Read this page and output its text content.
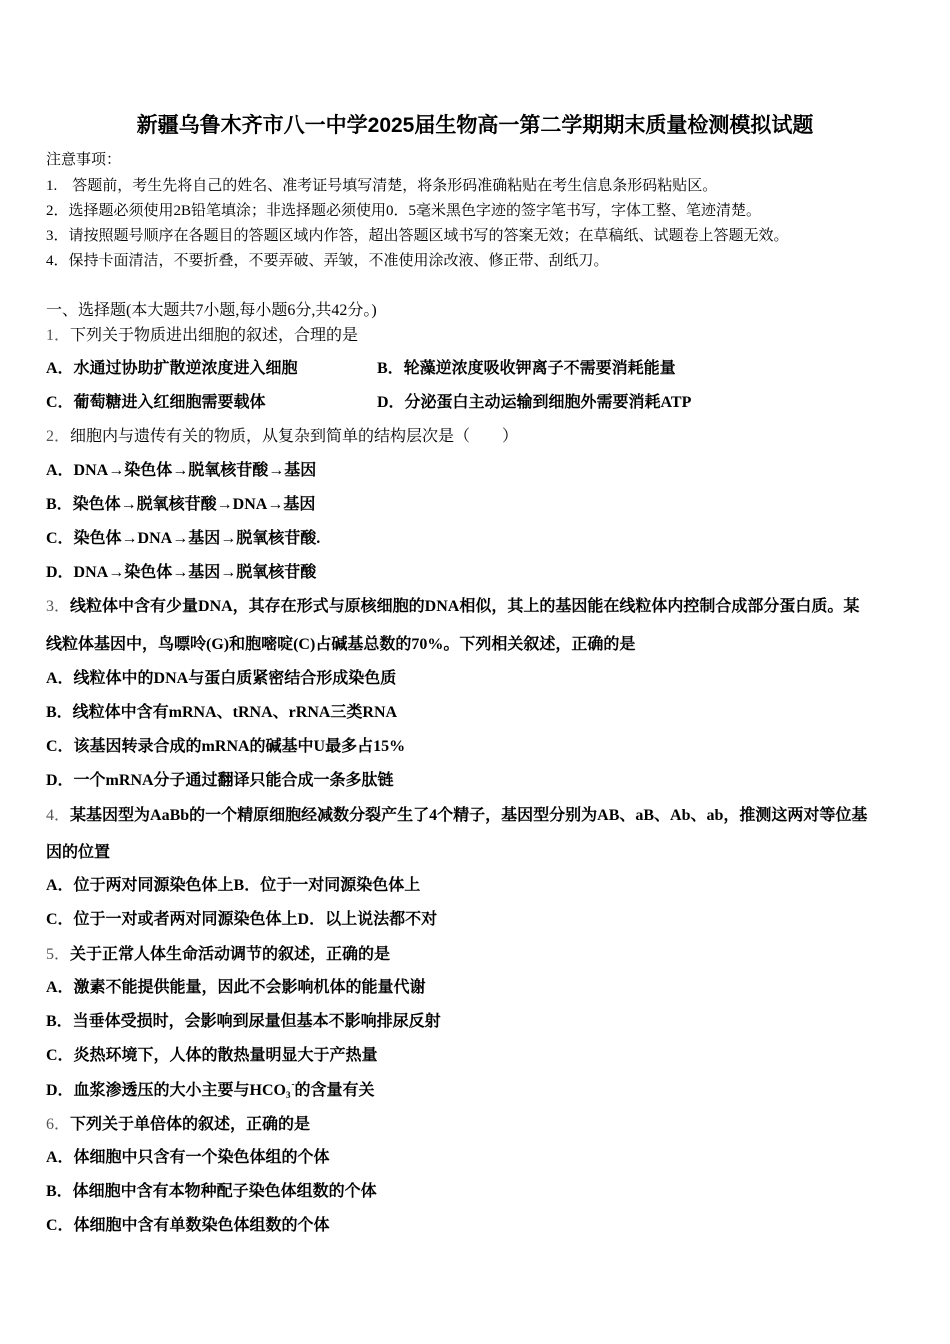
新疆乌鲁木齐市八一中学2025届生物高一第二学期期末质量检测模拟试题
注意事项：
1.　答题前，考生先将自己的姓名、准考证号填写清楚，将条形码准确粘贴在考生信息条形码粘贴区。
2．选择题必须使用2B铅笔填涂；非选择题必须使用0．5毫米黑色字迹的签字笔书写，字体工整、笔迹清楚。
3．请按照题号顺序在各题目的答题区域内作答，超出答题区域书写的答案无效；在草稿纸、试题卷上答题无效。
4．保持卡面清洁，不要折叠，不要弄破、弄皱，不准使用涂改液、修正带、刮纸刀。
一、选择题(本大题共7小题,每小题6分,共42分。)
1．下列关于物质进出细胞的叙述，合理的是
A．水通过协助扩散逆浓度进入细胞	B．轮藻逆浓度吸收钾离子不需要消耗能量
C．葡萄糖进入红细胞需要载体	D．分泌蛋白主动运输到细胞外需要消耗ATP
2．细胞内与遗传有关的物质，从复杂到简单的结构层次是（　　）
A．DNA→染色体→脱氧核苷酸→基因
B．染色体→脱氧核苷酸→DNA→基因
C．染色体→DNA→基因→脱氧核苷酸.
D．DNA→染色体→基因→脱氧核苷酸
3．线粒体中含有少量DNA，其存在形式与原核细胞的DNA相似，其上的基因能在线粒体内控制合成部分蛋白质。某
线粒体基因中，鸟嘌呤(G)和胞嘧啶(C)占碱基总数的70%。下列相关叙述，正确的是
A．线粒体中的DNA与蛋白质紧密结合形成染色质
B．线粒体中含有mRNA、tRNA、rRNA三类RNA
C．该基因转录合成的mRNA的碱基中U最多占15%
D．一个mRNA分子通过翻译只能合成一条多肽链
4．某基因型为AaBb的一个精原细胞经减数分裂产生了4个精子，基因型分别为AB、aB、Ab、ab，推测这两对等位基
因的位置
A．位于两对同源染色体上B．位于一对同源染色体上
C．位于一对或者两对同源染色体上D．以上说法都不对
5．关于正常人体生命活动调节的叙述，正确的是
A．激素不能提供能量，因此不会影响机体的能量代谢
B．当垂体受损时，会影响到尿量但基本不影响排尿反射
C．炎热环境下，人体的散热量明显大于产热量
D．血浆渗透压的大小主要与HCO3-的含量有关
6．下列关于单倍体的叙述，正确的是
A．体细胞中只含有一个染色体组的个体
B．体细胞中含有本物种配子染色体组数的个体
C．体细胞中含有单数染色体组数的个体
